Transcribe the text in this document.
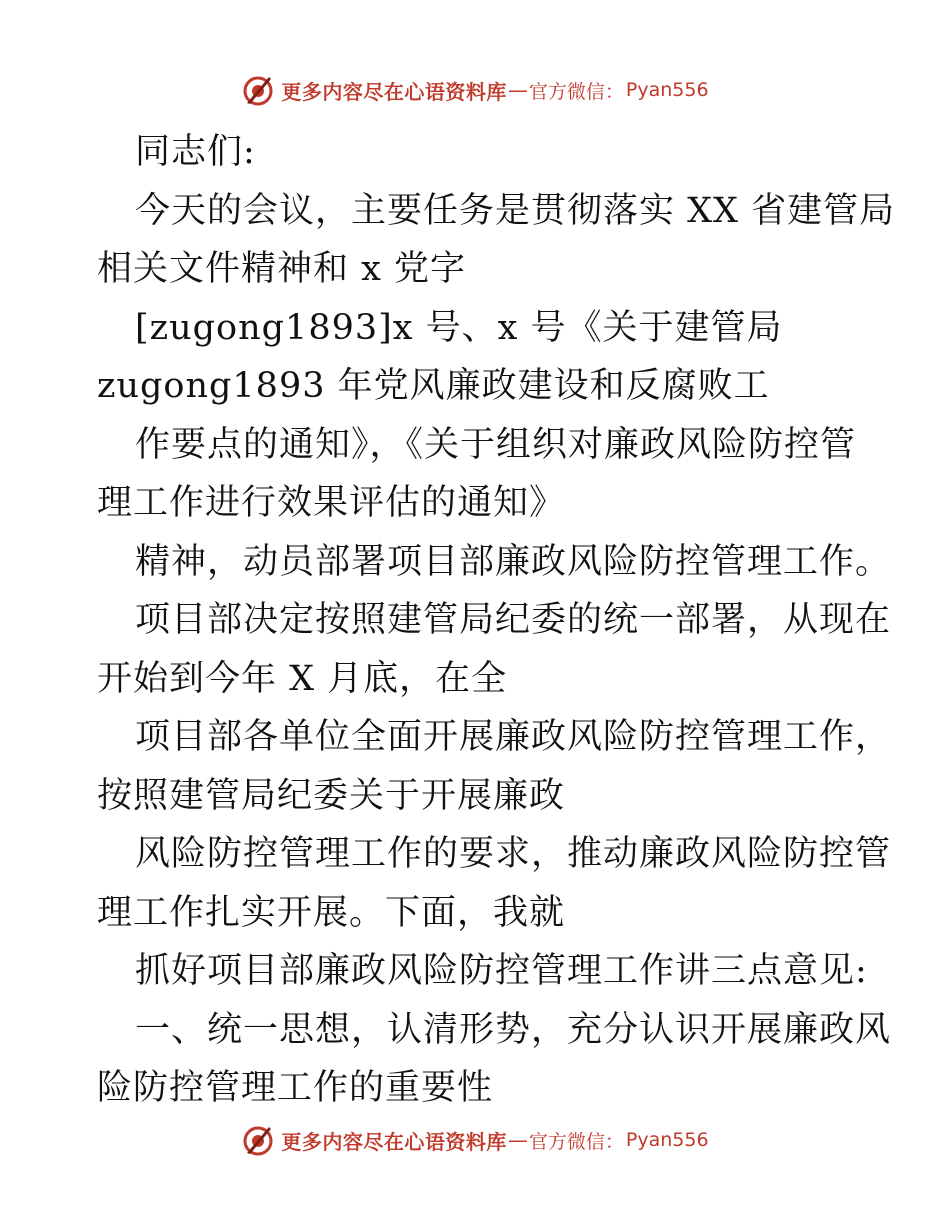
更多内容尽在心语资料库 — 官方微信： Pyan556
同志们:
今天的会议，主要任务是贯彻落实 XX 省建管局
相关文件精神和 x 党字
[zugong1893]x 号、x 号《关于建管局
zugong1893 年党风廉政建设和反腐败工
作要点的通知》，《关于组织对廉政风险防控管
理工作进行效果评估的通知》
精神，动员部署项目部廉政风险防控管理工作。
项目部决定按照建管局纪委的统一部署，从现在
开始到今年 X 月底，在全
项目部各单位全面开展廉政风险防控管理工作，
按照建管局纪委关于开展廉政
风险防控管理工作的要求，推动廉政风险防控管
理工作扎实开展。下面，我就
抓好项目部廉政风险防控管理工作讲三点意见:
一、统一思想，认清形势，充分认识开展廉政风
险防控管理工作的重要性
更多内容尽在心语资料库 — 官方微信： Pyan556
